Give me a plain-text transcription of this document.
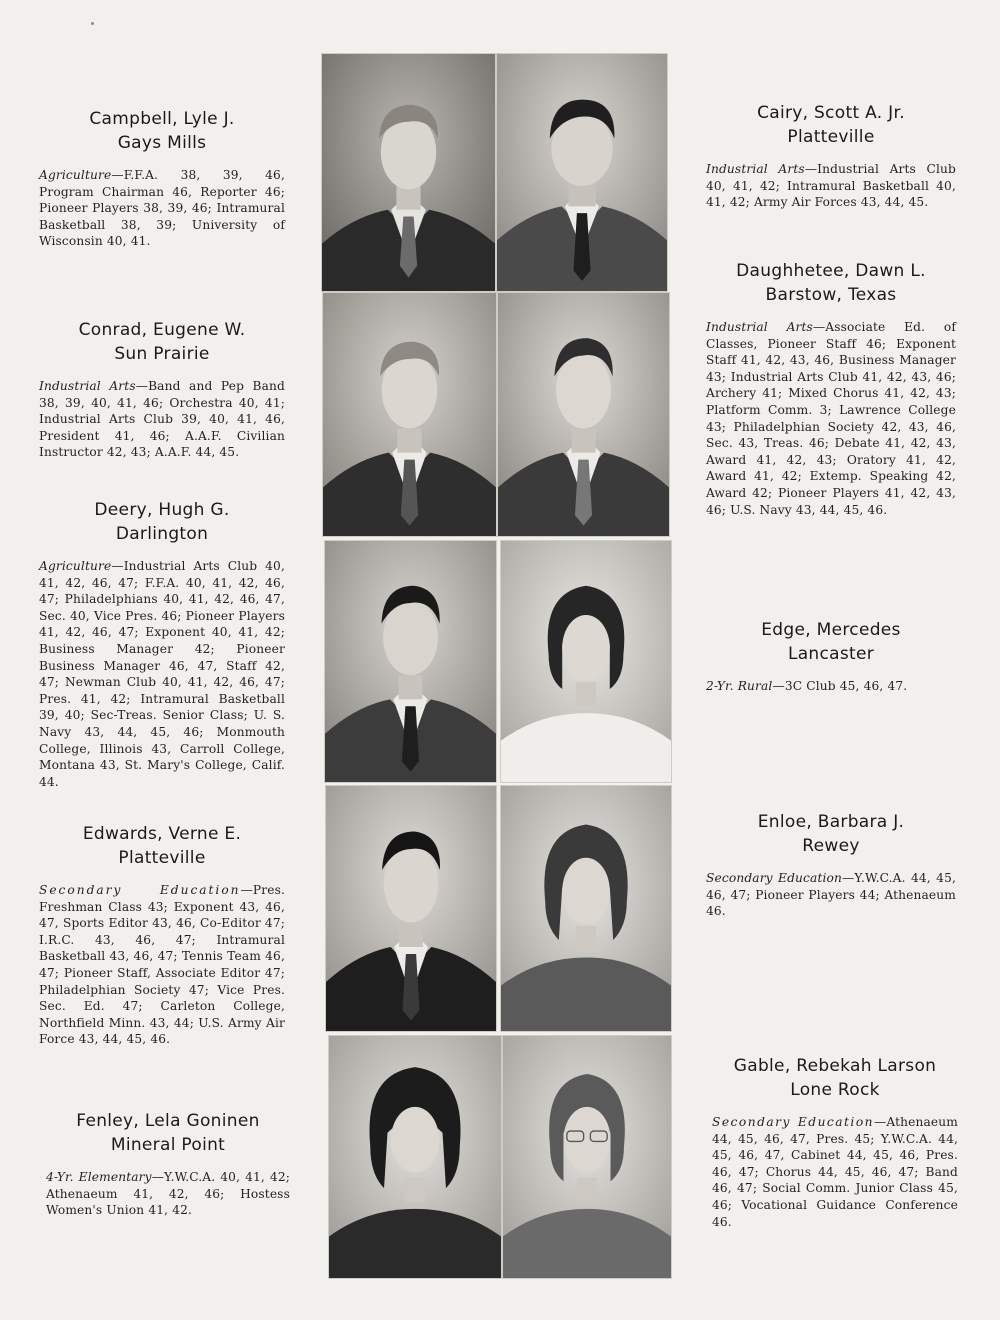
Campbell, Lyle J.
Gays Mills
Agriculture—F.F.A. 38, 39, 46, Program Chairman 46, Reporter 46; Pioneer Players 38, 39, 46; Intramural Basketball 38, 39; University of Wisconsin 40, 41.
Conrad, Eugene W.
Sun Prairie
Industrial Arts—Band and Pep Band 38, 39, 40, 41, 46; Orchestra 40, 41; Industrial Arts Club 39, 40, 41, 46, President 41, 46; A.A.F. Civilian Instructor 42, 43; A.A.F. 44, 45.
Deery, Hugh G.
Darlington
Agriculture—Industrial Arts Club 40, 41, 42, 46, 47; F.F.A. 40, 41, 42, 46, 47; Philadelphians 40, 41, 42, 46, 47, Sec. 40, Vice Pres. 46; Pioneer Players 41, 42, 46, 47; Exponent 40, 41, 42; Business Manager 42; Pioneer Business Manager 46, 47, Staff 42, 47; Newman Club 40, 41, 42, 46, 47; Pres. 41, 42; Intramural Basketball 39, 40; Sec-Treas. Senior Class; U. S. Navy 43, 44, 45, 46; Monmouth College, Illinois 43, Carroll College, Montana 43, St. Mary's College, Calif. 44.
Edwards, Verne E.
Platteville
Secondary Education—Pres. Freshman Class 43; Exponent 43, 46, 47, Sports Editor 43, 46, Co-Editor 47; I.R.C. 43, 46, 47; Intramural Basketball 43, 46, 47; Tennis Team 46, 47; Pioneer Staff, Associate Editor 47; Philadelphian Society 47; Vice Pres. Sec. Ed. 47; Carleton College, Northfield Minn. 43, 44; U.S. Army Air Force 43, 44, 45, 46.
Fenley, Lela Goninen
Mineral Point
4-Yr. Elementary—Y.W.C.A. 40, 41, 42; Athenaeum 41, 42, 46; Hostess Women's Union 41, 42.
Cairy, Scott A. Jr.
Platteville
Industrial Arts—Industrial Arts Club 40, 41, 42; Intramural Basketball 40, 41, 42; Army Air Forces 43, 44, 45.
Daughhetee, Dawn L.
Barstow, Texas
Industrial Arts—Associate Ed. of Classes, Pioneer Staff 46; Exponent Staff 41, 42, 43, 46, Business Manager 43; Industrial Arts Club 41, 42, 43, 46; Archery 41; Mixed Chorus 41, 42, 43; Platform Comm. 3; Lawrence College 43; Philadelphian Society 42, 43, 46, Sec. 43, Treas. 46; Debate 41, 42, 43, Award 41, 42, 43; Oratory 41, 42, Award 41, 42; Extemp. Speaking 42, Award 42; Pioneer Players 41, 42, 43, 46; U.S. Navy 43, 44, 45, 46.
Edge, Mercedes
Lancaster
2-Yr. Rural—3C Club 45, 46, 47.
Enloe, Barbara J.
Rewey
Secondary Education—Y.W.C.A. 44, 45, 46, 47; Pioneer Players 44; Athenaeum 46.
Gable, Rebekah Larson
Lone Rock
Secondary Education—Athenaeum 44, 45, 46, 47, Pres. 45; Y.W.C.A. 44, 45, 46, 47, Cabinet 44, 45, 46, Pres. 46, 47; Chorus 44, 45, 46, 47; Band 46, 47; Social Comm. Junior Class 45, 46; Vocational Guidance Conference 46.
